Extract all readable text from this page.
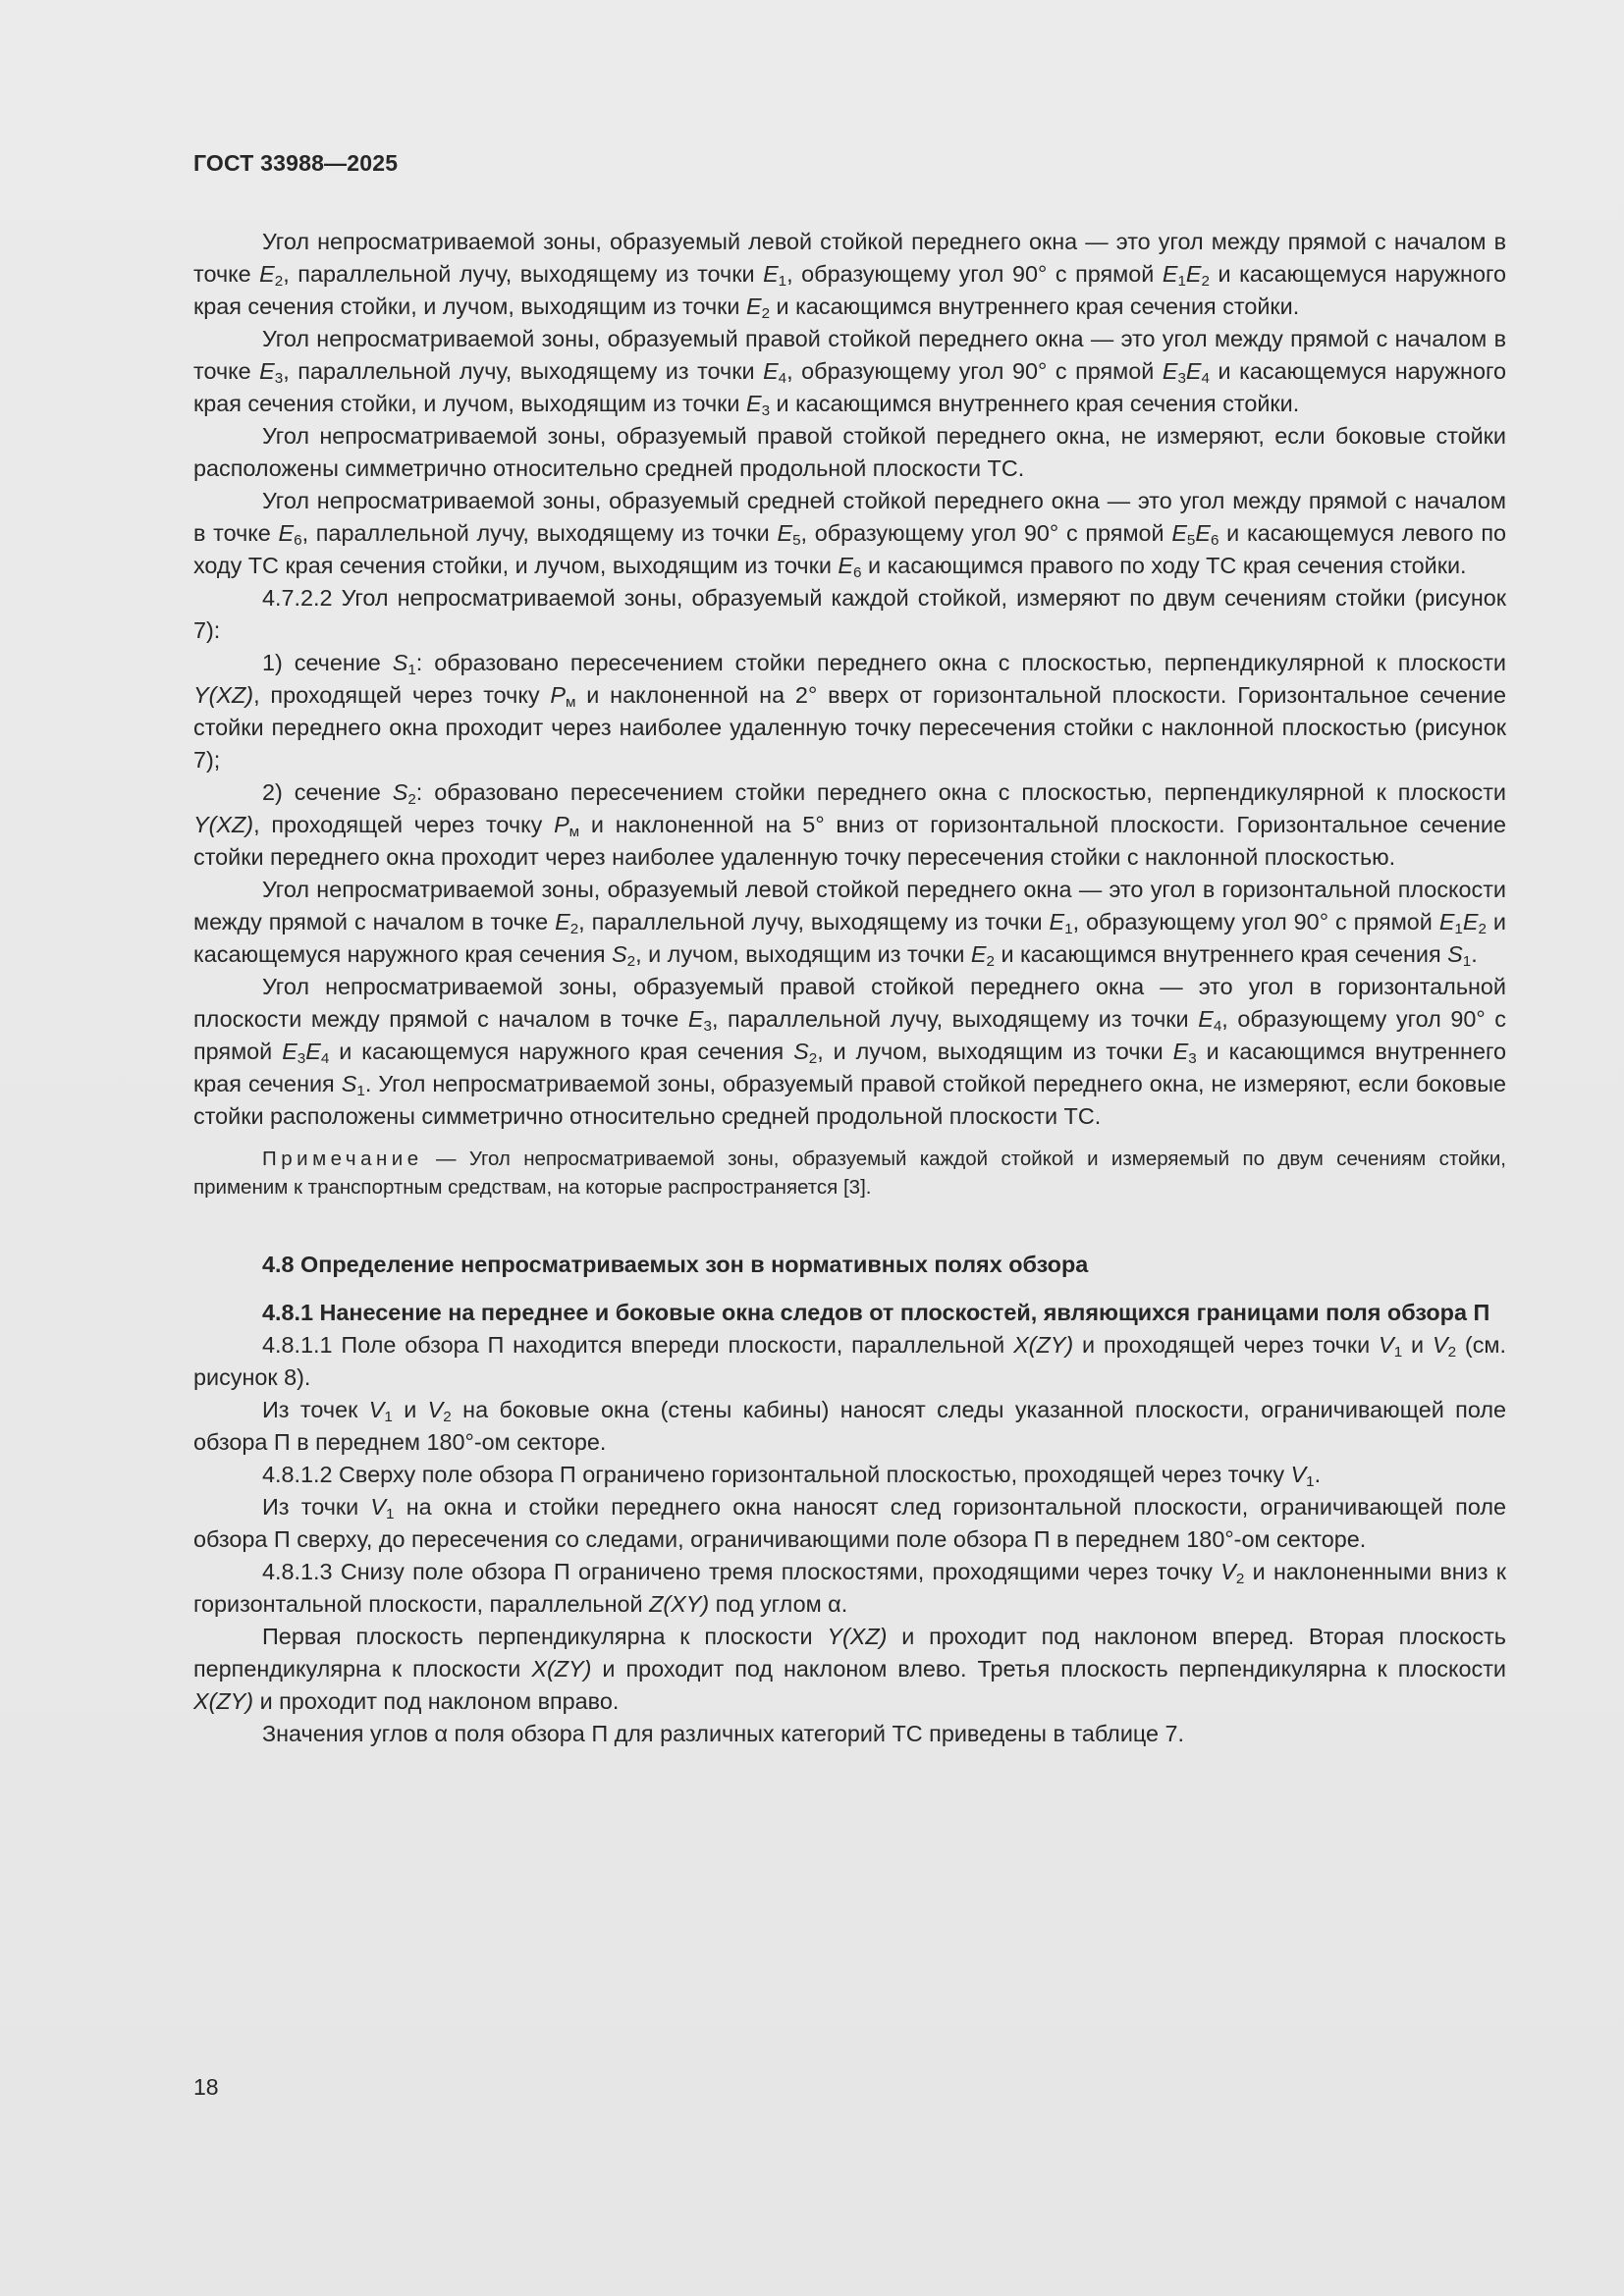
ГОСТ 33988—2025

Угол непросматриваемой зоны, образуемый левой стойкой переднего окна — это угол между прямой с началом в точке $E_2$, параллельной лучу, выходящему из точки $E_1$, образующему угол 90° с прямой $E_1E_2$ и касающемуся наружного края сечения стойки, и лучом, выходящим из точки $E_2$ и касающимся внутреннего края сечения стойки.

Угол непросматриваемой зоны, образуемый правой стойкой переднего окна — это угол между прямой с началом в точке $E_3$, параллельной лучу, выходящему из точки $E_4$, образующему угол 90° с прямой $E_3E_4$ и касающемуся наружного края сечения стойки, и лучом, выходящим из точки $E_3$ и касающимся внутреннего края сечения стойки.

Угол непросматриваемой зоны, образуемый правой стойкой переднего окна, не измеряют, если боковые стойки расположены симметрично относительно средней продольной плоскости ТС.

Угол непросматриваемой зоны, образуемый средней стойкой переднего окна — это угол между прямой с началом в точке $E_6$, параллельной лучу, выходящему из точки $E_5$, образующему угол 90° с прямой $E_5E_6$ и касающемуся левого по ходу ТС края сечения стойки, и лучом, выходящим из точки $E_6$ и касающимся правого по ходу ТС края сечения стойки.

4.7.2.2 Угол непросматриваемой зоны, образуемый каждой стойкой, измеряют по двум сечениям стойки (рисунок 7):

1) сечение $S_1$: образовано пересечением стойки переднего окна с плоскостью, перпендикулярной к плоскости Y(XZ), проходящей через точку $P_м$ и наклоненной на 2° вверх от горизонтальной плоскости. Горизонтальное сечение стойки переднего окна проходит через наиболее удаленную точку пересечения стойки с наклонной плоскостью (рисунок 7);

2) сечение $S_2$: образовано пересечением стойки переднего окна с плоскостью, перпендикулярной к плоскости Y(XZ), проходящей через точку $P_м$ и наклоненной на 5° вниз от горизонтальной плоскости. Горизонтальное сечение стойки переднего окна проходит через наиболее удаленную точку пересечения стойки с наклонной плоскостью.

Угол непросматриваемой зоны, образуемый левой стойкой переднего окна — это угол в горизонтальной плоскости между прямой с началом в точке $E_2$, параллельной лучу, выходящему из точки $E_1$, образующему угол 90° с прямой $E_1E_2$ и касающемуся наружного края сечения $S_2$, и лучом, выходящим из точки $E_2$ и касающимся внутреннего края сечения $S_1$.

Угол непросматриваемой зоны, образуемый правой стойкой переднего окна — это угол в горизонтальной плоскости между прямой с началом в точке $E_3$, параллельной лучу, выходящему из точки $E_4$, образующему угол 90° с прямой $E_3E_4$ и касающемуся наружного края сечения $S_2$, и лучом, выходящим из точки $E_3$ и касающимся внутреннего края сечения $S_1$. Угол непросматриваемой зоны, образуемый правой стойкой переднего окна, не измеряют, если боковые стойки расположены симметрично относительно средней продольной плоскости ТС.

Примечание — Угол непросматриваемой зоны, образуемый каждой стойкой и измеряемый по двум сечениям стойки, применим к транспортным средствам, на которые распространяется [3].

4.8 Определение непросматриваемых зон в нормативных полях обзора
4.8.1 Нанесение на переднее и боковые окна следов от плоскостей, являющихся границами поля обзора П

4.8.1.1 Поле обзора П находится впереди плоскости, параллельной X(ZY) и проходящей через точки $V_1$ и $V_2$ (см. рисунок 8).

Из точек $V_1$ и $V_2$ на боковые окна (стены кабины) наносят следы указанной плоскости, ограничивающей поле обзора П в переднем 180°-ом секторе.

4.8.1.2 Сверху поле обзора П ограничено горизонтальной плоскостью, проходящей через точку $V_1$.

Из точки $V_1$ на окна и стойки переднего окна наносят след горизонтальной плоскости, ограничивающей поле обзора П сверху, до пересечения со следами, ограничивающими поле обзора П в переднем 180°-ом секторе.

4.8.1.3 Снизу поле обзора П ограничено тремя плоскостями, проходящими через точку $V_2$ и наклоненными вниз к горизонтальной плоскости, параллельной Z(XY) под углом α.

Первая плоскость перпендикулярна к плоскости Y(XZ) и проходит под наклоном вперед. Вторая плоскость перпендикулярна к плоскости X(ZY) и проходит под наклоном влево. Третья плоскость перпендикулярна к плоскости X(ZY) и проходит под наклоном вправо.

Значения углов α поля обзора П для различных категорий ТС приведены в таблице 7.

18
